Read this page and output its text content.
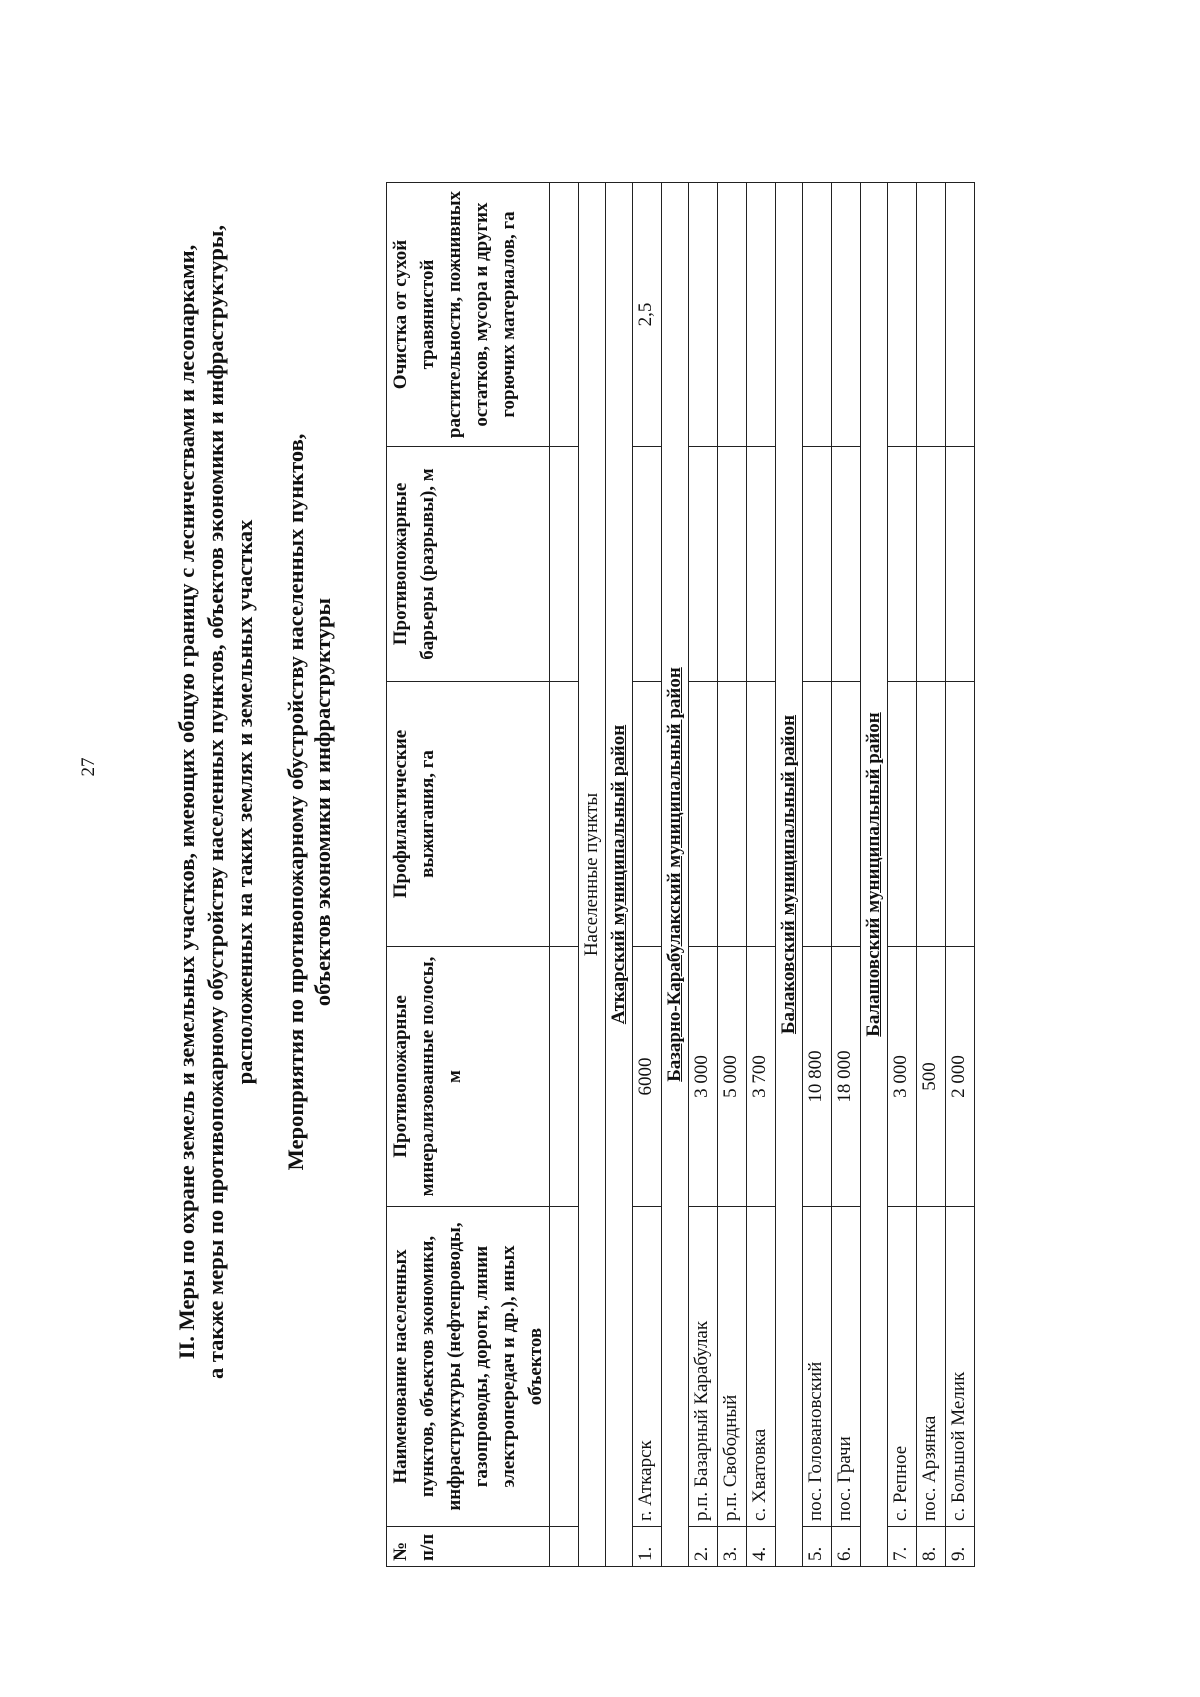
27	II. Меры по охране земель и земельных участков, имеющих общую границу с лесничествами и лесопарками, а также меры по противопожарному обустройству населенных пунктов, объектов экономики и инфраструктуры, расположенных на таких землях и земельных участках Мероприятия по противопожарному обустройству населенных пунктов, объектов экономики и инфраструктуры
№ п/п	Наименование населенных пунктов, объектов экономики, инфраструктуры (нефтепроводы, газопроводы, дороги, линии электропередач и др.), иных объектов	Противопожарные минерализованные полосы, м	Профилактические выжигания, га	Противопожарные барьеры (разрывы), м	Очистка от сухой травянистой растительности, пожнивных остатков, мусора и других горючих материалов, га

Населенные пункты					
Аткарский муниципальный район					
1.	г. Аткарск	6000			2,5
Базарно-Карабулакский муниципальный район					
2.	р.п. Базарный Карабулак	3 000			
3.	р.п. Свободный	5 000			
4.	с. Хватовка	3 700			
Балаковский муниципальный район					
5.	пос. Голованoвский	10 800			
6.	пос. Грачи	18 000			
Балашовский муниципальный район					
7.	с. Репное	3 000			
8.	пос. Арзянка	500			
9.	с. Большой Мелик	2 000			
